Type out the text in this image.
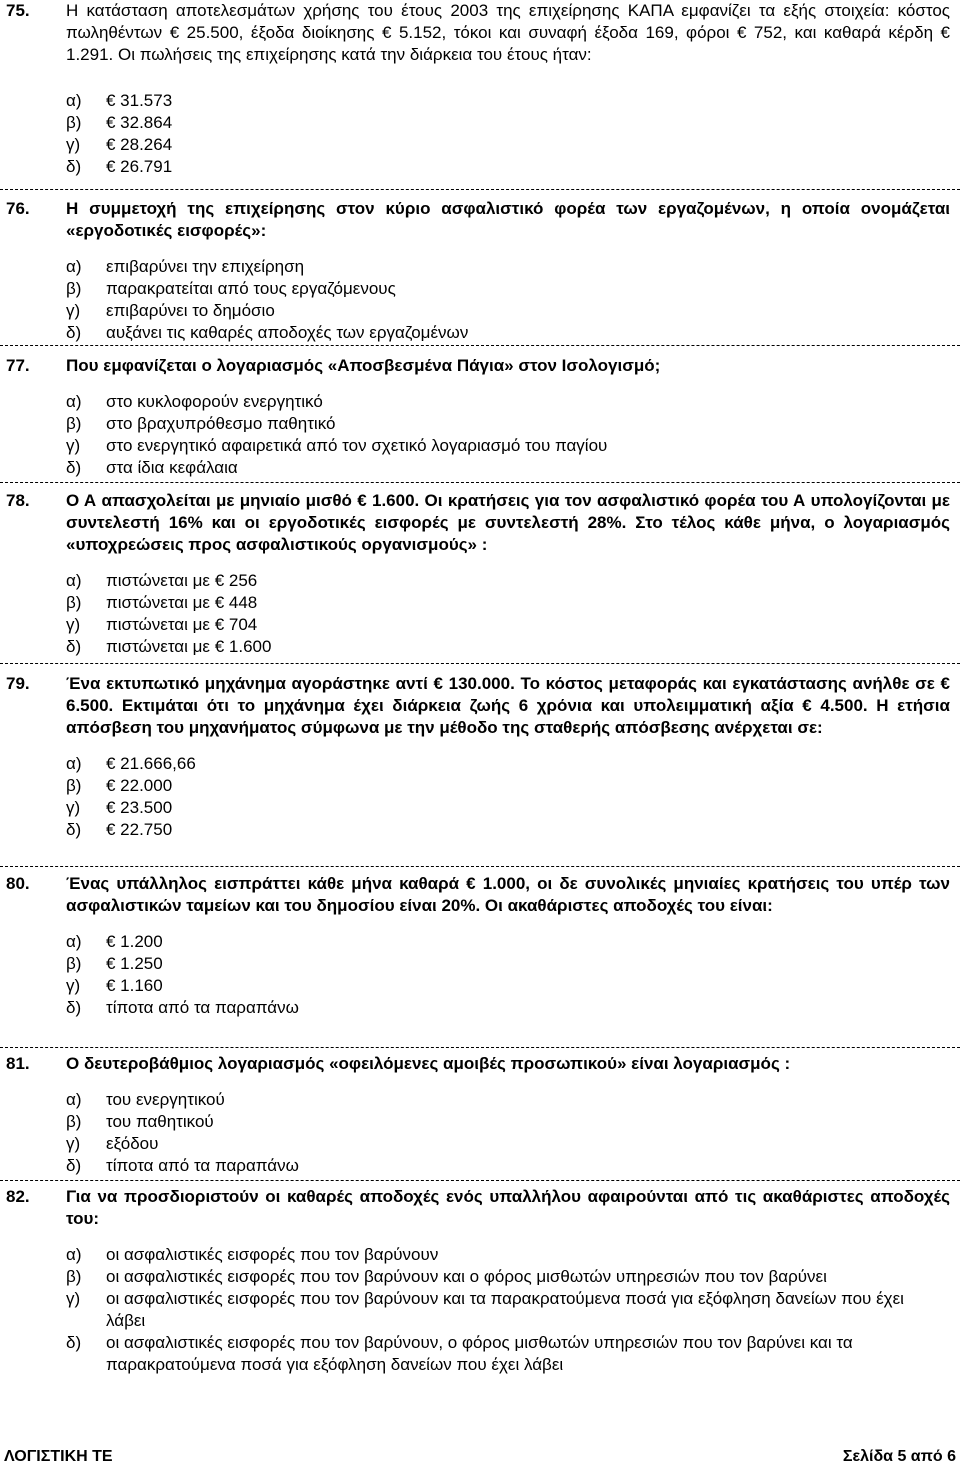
75.	Η κατάσταση αποτελεσμάτων χρήσης του έτους 2003 της επιχείρησης ΚΑΠΑ εμφανίζει τα εξής στοιχεία: κόστος πωληθέντων € 25.500, έξοδα διοίκησης € 5.152, τόκοι και συναφή έξοδα 169, φόροι € 752, και καθαρά κέρδη € 1.291. Οι πωλήσεις της επιχείρησης κατά την διάρκεια του έτους ήταν:
α)	€ 31.573
β)	€ 32.864
γ)	€ 28.264
δ)	€ 26.791
76.	Η συμμετοχή της επιχείρησης στον κύριο ασφαλιστικό φορέα των εργαζομένων, η οποία ονομάζεται «εργοδοτικές εισφορές»:
α)	επιβαρύνει την επιχείρηση
β)	παρακρατείται από τους εργαζόμενους
γ)	επιβαρύνει το δημόσιο
δ)	αυξάνει τις καθαρές αποδοχές των εργαζομένων
77.	Που εμφανίζεται ο λογαριασμός «Αποσβεσμένα Πάγια» στον Ισολογισμό;
α)	στο κυκλοφορούν ενεργητικό
β)	στο βραχυπρόθεσμο παθητικό
γ)	στο ενεργητικό αφαιρετικά από τον σχετικό λογαριασμό του παγίου
δ)	στα ίδια κεφάλαια
78.	Ο Α απασχολείται με μηνιαίο μισθό € 1.600. Οι κρατήσεις για τον ασφαλιστικό φορέα του Α υπολογίζονται με συντελεστή 16% και οι εργοδοτικές εισφορές με συντελεστή 28%. Στο τέλος κάθε μήνα, ο λογαριασμός «υποχρεώσεις προς ασφαλιστικούς οργανισμούς» :
α)	πιστώνεται με € 256
β)	πιστώνεται με € 448
γ)	πιστώνεται με € 704
δ)	πιστώνεται με € 1.600
79.	Ένα εκτυπωτικό μηχάνημα αγοράστηκε αντί € 130.000. Το κόστος μεταφοράς και εγκατάστασης ανήλθε σε € 6.500. Εκτιμάται ότι το μηχάνημα έχει διάρκεια ζωής 6 χρόνια και υπολειμματική αξία € 4.500. Η ετήσια απόσβεση του μηχανήματος σύμφωνα με την μέθοδο της σταθερής απόσβεσης ανέρχεται σε:
α)	€ 21.666,66
β)	€ 22.000
γ)	€ 23.500
δ)	€ 22.750
80.	Ένας υπάλληλος εισπράττει κάθε μήνα καθαρά € 1.000, οι δε συνολικές μηνιαίες κρατήσεις του υπέρ των ασφαλιστικών ταμείων και του δημοσίου είναι 20%. Οι ακαθάριστες αποδοχές του είναι:
α)	€ 1.200
β)	€ 1.250
γ)	€ 1.160
δ)	τίποτα από τα παραπάνω
81.	Ο δευτεροβάθμιος λογαριασμός «οφειλόμενες αμοιβές προσωπικού» είναι λογαριασμός :
α)	του ενεργητικού
β)	του παθητικού
γ)	εξόδου
δ)	τίποτα από τα παραπάνω
82.	Για να προσδιοριστούν οι καθαρές αποδοχές ενός υπαλλήλου αφαιρούνται από τις ακαθάριστες αποδοχές του:
α)	οι ασφαλιστικές εισφορές που τον βαρύνουν
β)	οι ασφαλιστικές εισφορές που τον βαρύνουν και ο φόρος μισθωτών υπηρεσιών που τον βαρύνει
γ)	οι ασφαλιστικές εισφορές που τον βαρύνουν και τα παρακρατούμενα ποσά για εξόφληση δανείων που έχει λάβει
δ)	οι ασφαλιστικές εισφορές που τον βαρύνουν, ο φόρος μισθωτών υπηρεσιών που τον βαρύνει και τα παρακρατούμενα ποσά για εξόφληση δανείων που έχει λάβει
ΛΟΓΙΣΤΙΚΗ ΤΕ	Σελίδα 5 από 6
